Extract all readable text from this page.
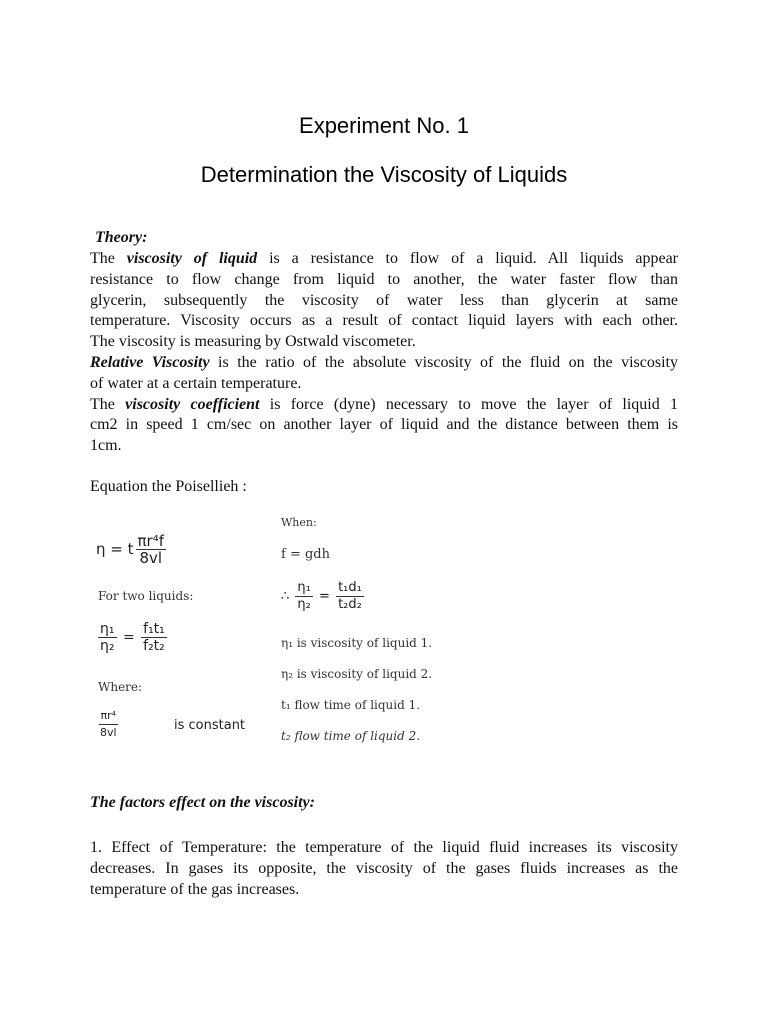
Experiment No. 1
Determination the Viscosity of Liquids
Theory:
The viscosity of liquid is a resistance to flow of a liquid. All liquids appear
resistance to flow change from liquid to another, the water faster flow than
glycerin, subsequently the viscosity of water less than glycerin at same
temperature. Viscosity occurs as a result of contact liquid layers with each other.
The viscosity is measuring by Ostwald viscometer.
Relative Viscosity is the ratio of the absolute viscosity of the fluid on the viscosity
of water at a certain temperature.
The viscosity coefficient is force (dyne) necessary to move the layer of liquid 1
cm2 in speed 1 cm/sec on another layer of liquid and the distance between them is
1cm.
Equation the Poisellieh :
η = t $\frac{\text{πr⁴f}}{8vl}$
For two liquids:
$\frac{\text{η₁}}{\text{η₂}} = \frac{\text{f₁t₁}}{\text{f₂t₂}}$
Where:
$\frac{\text{πr⁴}}{8vl}$	is constant
When:
f = gdh
∴ $\frac{\text{η₁}}{\text{η₂}} = \frac{\text{t₁d₁}}{\text{t₂d₂}}$
η₁ is viscosity of liquid 1.
η₂ is viscosity of liquid 2.
t₁ flow time of liquid 1.
t₂ flow time of liquid 2.
The factors effect on the viscosity:
1. Effect of Temperature: the temperature of the liquid fluid increases its viscosity
decreases. In gases its opposite, the viscosity of the gases fluids increases as the
temperature of the gas increases.
